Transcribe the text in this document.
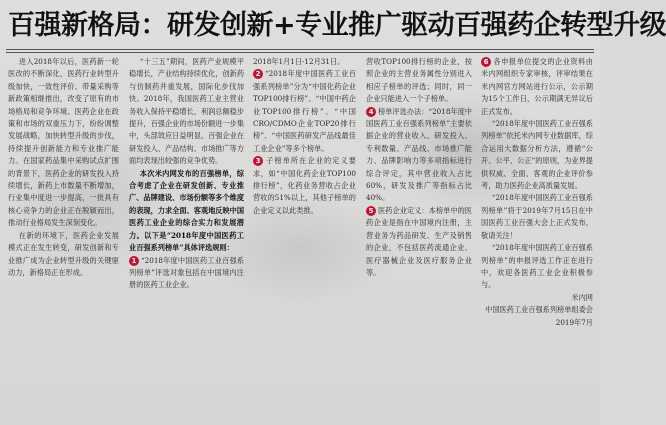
百强新格局：研发创新+专业推广驱动百强药企转型升级

进入2018年以后，医药新一轮医改的不断深化，医药行业转型升级加快，一致性评价、带量采购等新政策相继推出，改变了原有的市场格局和竞争环境。医药企业在政策和市场的双重压力下，纷纷调整发展战略，加快转型升级的步伐，持续提升创新能力和专业推广能力。在国家药品集中采购试点扩围的背景下，医药企业的研发投入持续增长，新药上市数量不断增加，行业集中度进一步提高，一批具有核心竞争力的企业正在脱颖而出，推动行业格局发生深刻变化。

在新的环境下，医药企业发展模式正在发生转变，研发创新和专业推广成为企业转型升级的关键驱动力，新格局正在形成。

“十三五”期间，医药产业规模平稳增长，产业结构持续优化，创新药与仿制药并重发展，国际化步伐加快。2018年，我国医药工业主营业务收入保持平稳增长，利润总额稳步提升，百强企业的市场份额进一步集中，头部效应日益明显。百强企业在研发投入、产品结构、市场推广等方面均表现出较强的竞争优势。

本次米内网发布的百强榜单，综合考虑了企业在研发创新、专业推广、品牌建设、市场份额等多个维度的表现，力求全面、客观地反映中国医药工业企业的综合实力和发展潜力。以下是“2018年度中国医药工业百强系列榜单”具体评选规则：

1 “2018年度中国医药工业百强系列榜单”评选对象包括在中国境内注册的医药工业企业。

2018年1月1日-12月31日。

2 “2018年度中国医药工业百强系列榜单”分为“中国化药企业TOP100排行榜”、“中国中药企业TOP100排行榜”、“中国CRO/CDMO企业TOP20排行榜”、“中国医药研发产品线最佳工业企业”等多个榜单。

3 子榜单所在企业的定义要求，如“中国化药企业TOP100排行榜”，化药业务营收占企业营收的51%以上，其他子榜单的企业定义以此类推。

营收TOP100排行榜的企业，按照企业的主营业务属性分别进入相应子榜单的评选；同时，同一企业只能进入一个子榜单。

4 榜单评选办法：“2018年度中国医药工业百强系列榜单”主要依据企业的营业收入、研发投入、专利数量、产品线、市场推广能力、品牌影响力等多项指标进行综合评定，其中营业收入占比60%，研发及推广等指标占比40%。

5 医药企业定义：本榜单中的医药企业是指在中国境内注册，主营业务为药品研发、生产及销售的企业，不包括医药流通企业、医疗器械企业及医疗服务企业等。

6 各申报单位提交的企业资料由米内网组织专家审核，评审结果在米内网官方网站进行公示，公示期为15个工作日，公示期满无异议后正式发布。

“2018年度中国医药工业百强系列榜单”依托米内网专业数据库，综合运用大数据分析方法，遵循“公开、公平、公正”的原则，为业界提供权威、全面、客观的企业评价参考，助力医药企业高质量发展。

“2018年度中国医药工业百强系列榜单”将于2019年7月15日在中国医药工业百强大会上正式发布，敬请关注！

“2018年度中国医药工业百强系列榜单”的申报评选工作正在进行中，欢迎各医药工业企业积极参与。

米内网

中国医药工业百强系列榜单组委会

2019年7月
